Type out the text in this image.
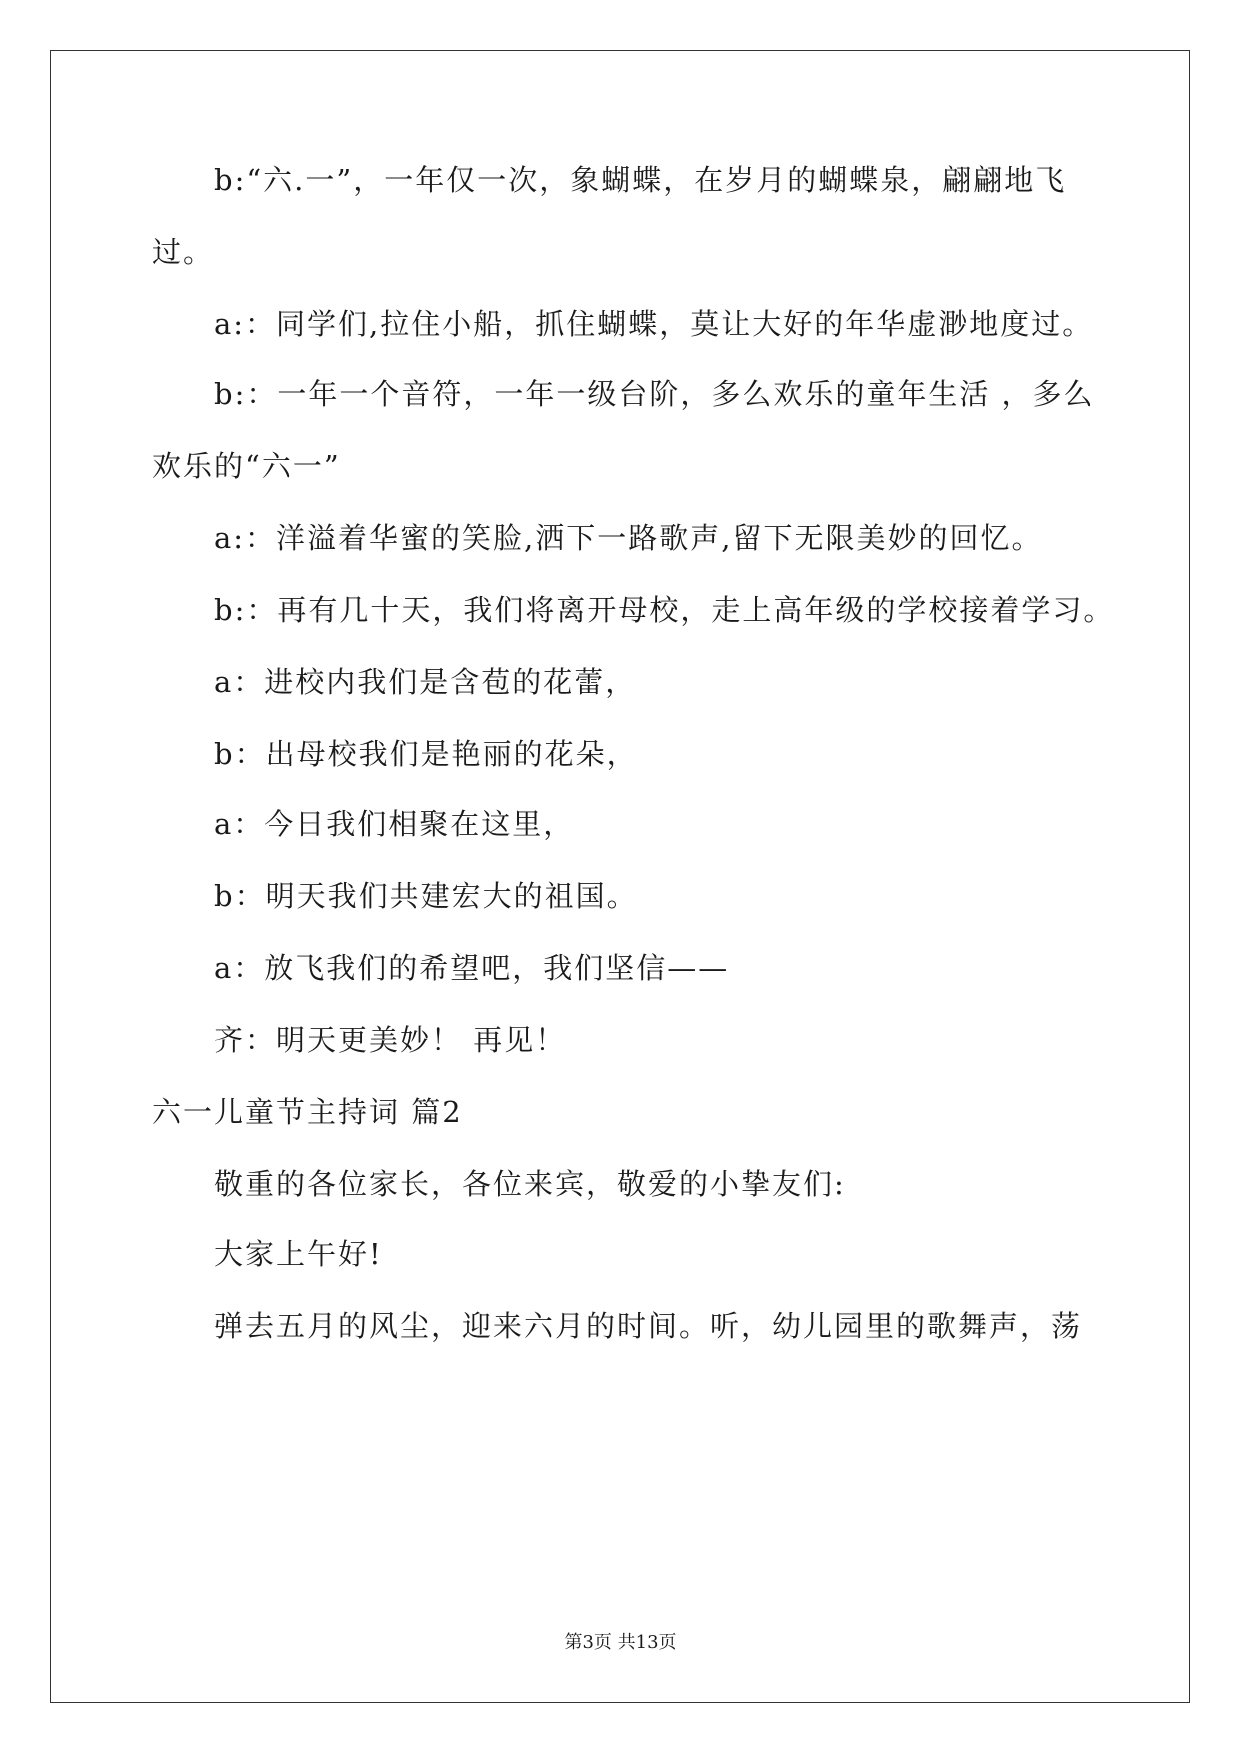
b:“六.一”，一年仅一次，象蝴蝶，在岁月的蝴蝶泉，翩翩地飞

过。

a:：同学们,拉住小船，抓住蝴蝶，莫让大好的年华虚渺地度过。

b:：一年一个音符，一年一级台阶，多么欢乐的童年生活 ，多么

欢乐的“六一”

a:：洋溢着华蜜的笑脸,洒下一路歌声,留下无限美妙的回忆。

b:：再有几十天，我们将离开母校，走上高年级的学校接着学习。

a：进校内我们是含苞的花蕾，

b：出母校我们是艳丽的花朵，

a：今日我们相聚在这里，

b：明天我们共建宏大的祖国。

a：放飞我们的希望吧，我们坚信——

齐：明天更美妙！ 再见！

六一儿童节主持词 篇2

敬重的各位家长，各位来宾，敬爱的小挚友们:

大家上午好!

弹去五月的风尘，迎来六月的时间。听，幼儿园里的歌舞声，荡

第3页 共13页
